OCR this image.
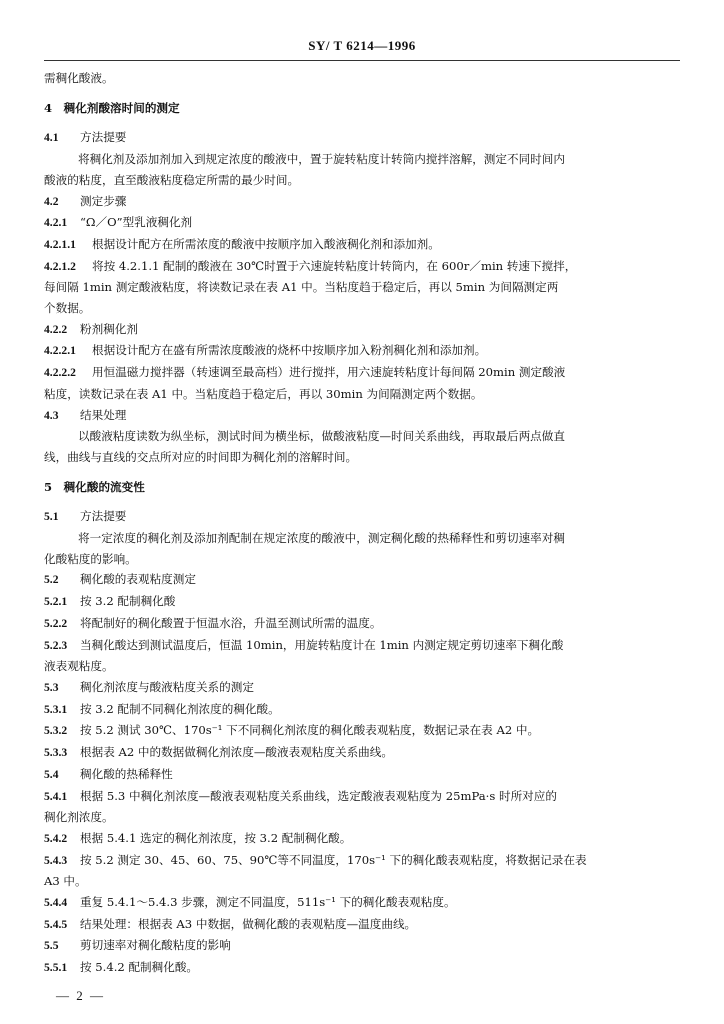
SY/ T 6214—1996
需稠化酸液。
4　稠化剂酸溶时间的测定
4.1 方法提要
将稠化剂及添加剂加入到规定浓度的酸液中，置于旋转粘度计转筒内搅拌溶解，测定不同时间内
酸液的粘度，直至酸液粘度稳定所需的最少时间。
4.2 测定步骤
4.2.1 “Ω／O”型乳液稠化剂
4.2.1.1 根据设计配方在所需浓度的酸液中按顺序加入酸液稠化剂和添加剂。
4.2.1.2 将按 4.2.1.1 配制的酸液在 30℃时置于六速旋转粘度计转筒内，在 600r／min 转速下搅拌，
每间隔 1min 测定酸液粘度，将读数记录在表 A1 中。当粘度趋于稳定后，再以 5min 为间隔测定两
个数据。
4.2.2 粉剂稠化剂
4.2.2.1 根据设计配方在盛有所需浓度酸液的烧杯中按顺序加入粉剂稠化剂和添加剂。
4.2.2.2 用恒温磁力搅拌器（转速调至最高档）进行搅拌，用六速旋转粘度计每间隔 20min 测定酸液
粘度，读数记录在表 A1 中。当粘度趋于稳定后，再以 30min 为间隔测定两个数据。
4.3 结果处理
以酸液粘度读数为纵坐标，测试时间为横坐标，做酸液粘度—时间关系曲线，再取最后两点做直
线，曲线与直线的交点所对应的时间即为稠化剂的溶解时间。
5　稠化酸的流变性
5.1 方法提要
将一定浓度的稠化剂及添加剂配制在规定浓度的酸液中，测定稠化酸的热稀释性和剪切速率对稠
化酸粘度的影响。
5.2 稠化酸的表观粘度测定
5.2.1 按 3.2 配制稠化酸
5.2.2 将配制好的稠化酸置于恒温水浴，升温至测试所需的温度。
5.2.3 当稠化酸达到测试温度后，恒温 10min，用旋转粘度计在 1min 内测定规定剪切速率下稠化酸
液表观粘度。
5.3 稠化剂浓度与酸液粘度关系的测定
5.3.1 按 3.2 配制不同稠化剂浓度的稠化酸。
5.3.2 按 5.2 测试 30℃、170s⁻¹ 下不同稠化剂浓度的稠化酸表观粘度，数据记录在表 A2 中。
5.3.3 根据表 A2 中的数据做稠化剂浓度—酸液表观粘度关系曲线。
5.4 稠化酸的热稀释性
5.4.1 根据 5.3 中稠化剂浓度—酸液表观粘度关系曲线，选定酸液表观粘度为 25mPa·s 时所对应的
稠化剂浓度。
5.4.2 根据 5.4.1 选定的稠化剂浓度，按 3.2 配制稠化酸。
5.4.3 按 5.2 测定 30、45、60、75、90℃等不同温度，170s⁻¹ 下的稠化酸表观粘度，将数据记录在表
A3 中。
5.4.4 重复 5.4.1～5.4.3 步骤，测定不同温度，511s⁻¹ 下的稠化酸表观粘度。
5.4.5 结果处理：根据表 A3 中数据，做稠化酸的表观粘度—温度曲线。
5.5 剪切速率对稠化酸粘度的影响
5.5.1 按 5.4.2 配制稠化酸。
— 2 —
